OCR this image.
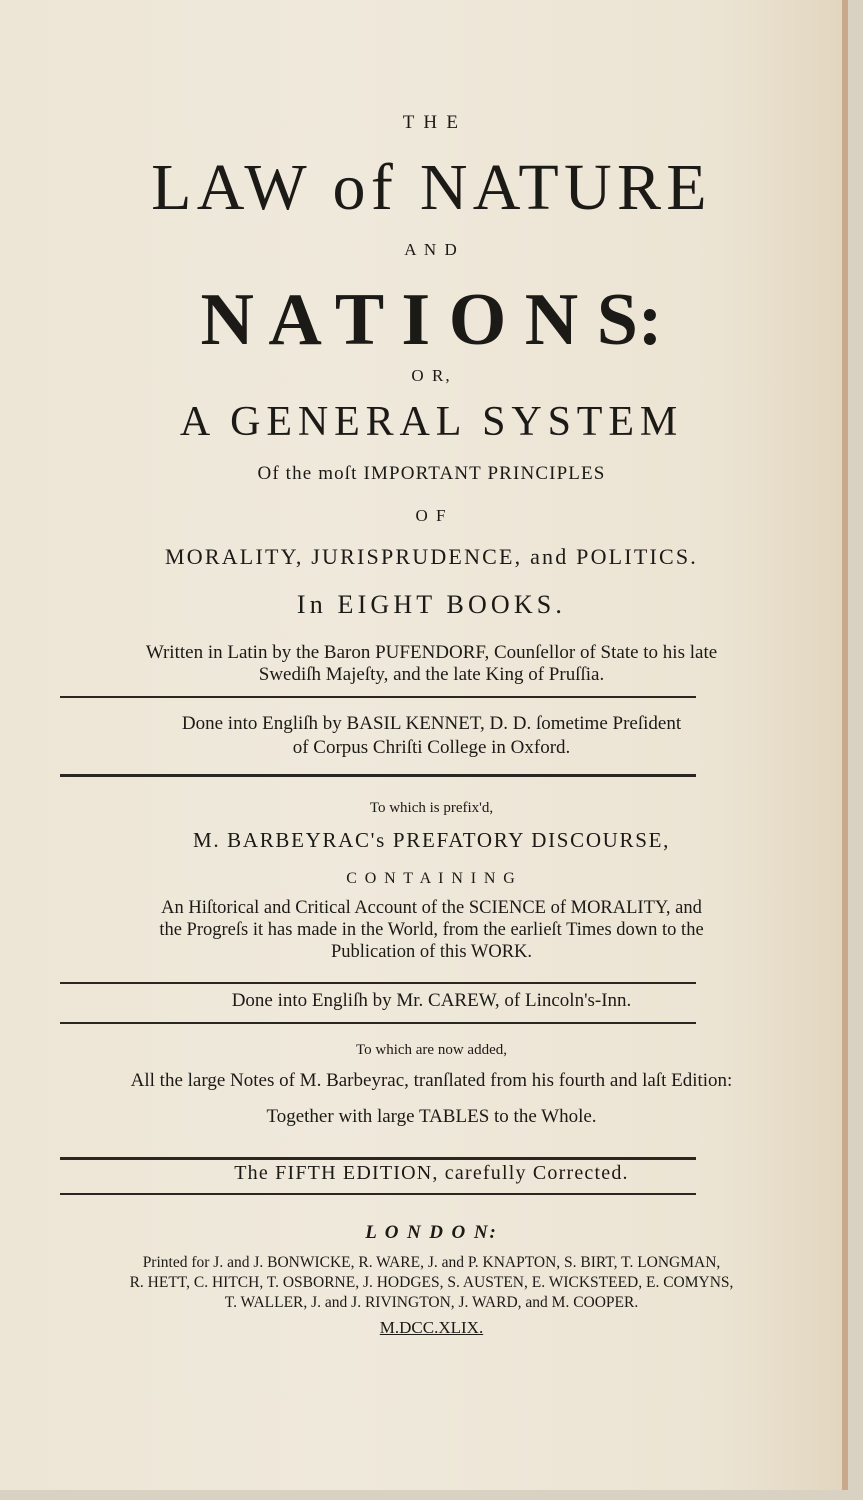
T H E
LAW of NATURE
A N D
N A T I O N S:
O R,
A GENERAL SYSTEM
Of the moſt IMPORTANT PRINCIPLES
O F
MORALITY, JURISPRUDENCE, and POLITICS.
In EIGHT BOOKS.
Written in Latin by the Baron PUFENDORF, Counſellor of State to his late
Swediſh Majeſty, and the late King of Pruſſia.
Done into Engliſh by BASIL KENNET, D. D. ſometime Preſident
of Corpus Chriſti College in Oxford.
To which is prefix'd,
M. BARBEYRAC's PREFATORY DISCOURSE,
C O N T A I N I N G
An Hiſtorical and Critical Account of the SCIENCE of MORALITY, and
the Progreſs it has made in the World, from the earlieſt Times down to the
Publication of this WORK.
Done into Engliſh by Mr. CAREW, of Lincoln's-Inn.
To which are now added,
All the large Notes of M. Barbeyrac, tranſlated from his fourth and laſt Edition:
Together with large TABLES to the Whole.
The FIFTH EDITION, carefully Corrected.
L O N D O N:
Printed for J. and J. BONWICKE, R. WARE, J. and P. KNAPTON, S. BIRT, T. LONGMAN,
R. HETT, C. HITCH, T. OSBORNE, J. HODGES, S. AUSTEN, E. WICKSTEED, E. COMYNS,
T. WALLER, J. and J. RIVINGTON, J. WARD, and M. COOPER.
M.DCC.XLIX.
